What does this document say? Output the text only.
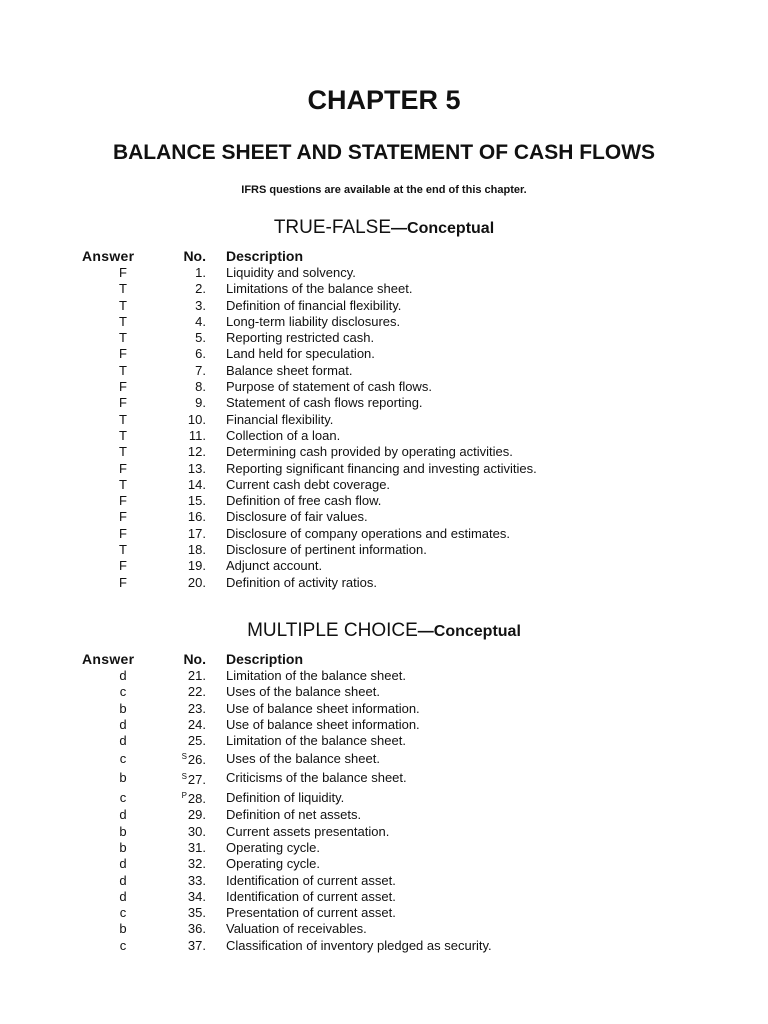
CHAPTER 5
BALANCE SHEET AND STATEMENT OF CASH FLOWS
IFRS questions are available at the end of this chapter.
TRUE-FALSE—Conceptual
Answer	No.		Description
F	1.		Liquidity and solvency.
T	2.		Limitations of the balance sheet.
T	3.		Definition of financial flexibility.
T	4.		Long-term liability disclosures.
T	5.		Reporting restricted cash.
F	6.		Land held for speculation.
T	7.		Balance sheet format.
F	8.		Purpose of statement of cash flows.
F	9.		Statement of cash flows reporting.
T	10.		Financial flexibility.
T	11.		Collection of a loan.
T	12.		Determining cash provided by operating activities.
F	13.		Reporting significant financing and investing activities.
T	14.		Current cash debt coverage.
F	15.		Definition of free cash flow.
F	16.		Disclosure of fair values.
F	17.		Disclosure of company operations and estimates.
T	18.		Disclosure of pertinent information.
F	19.		Adjunct account.
F	20.		Definition of activity ratios.
MULTIPLE CHOICE—Conceptual
Answer	No.		Description
d	21.		Limitation of the balance sheet.
c	22.		Uses of the balance sheet.
b	23.		Use of balance sheet information.
d	24.		Use of balance sheet information.
d	25.		Limitation of the balance sheet.
c	$^S$26.		Uses of the balance sheet.
b	$^S$27.		Criticisms of the balance sheet.
c	$^P$28.		Definition of liquidity.
d	29.		Definition of net assets.
b	30.		Current assets presentation.
b	31.		Operating cycle.
d	32.		Operating cycle.
d	33.		Identification of current asset.
d	34.		Identification of current asset.
c	35.		Presentation of current asset.
b	36.		Valuation of receivables.
c	37.		Classification of inventory pledged as security.
